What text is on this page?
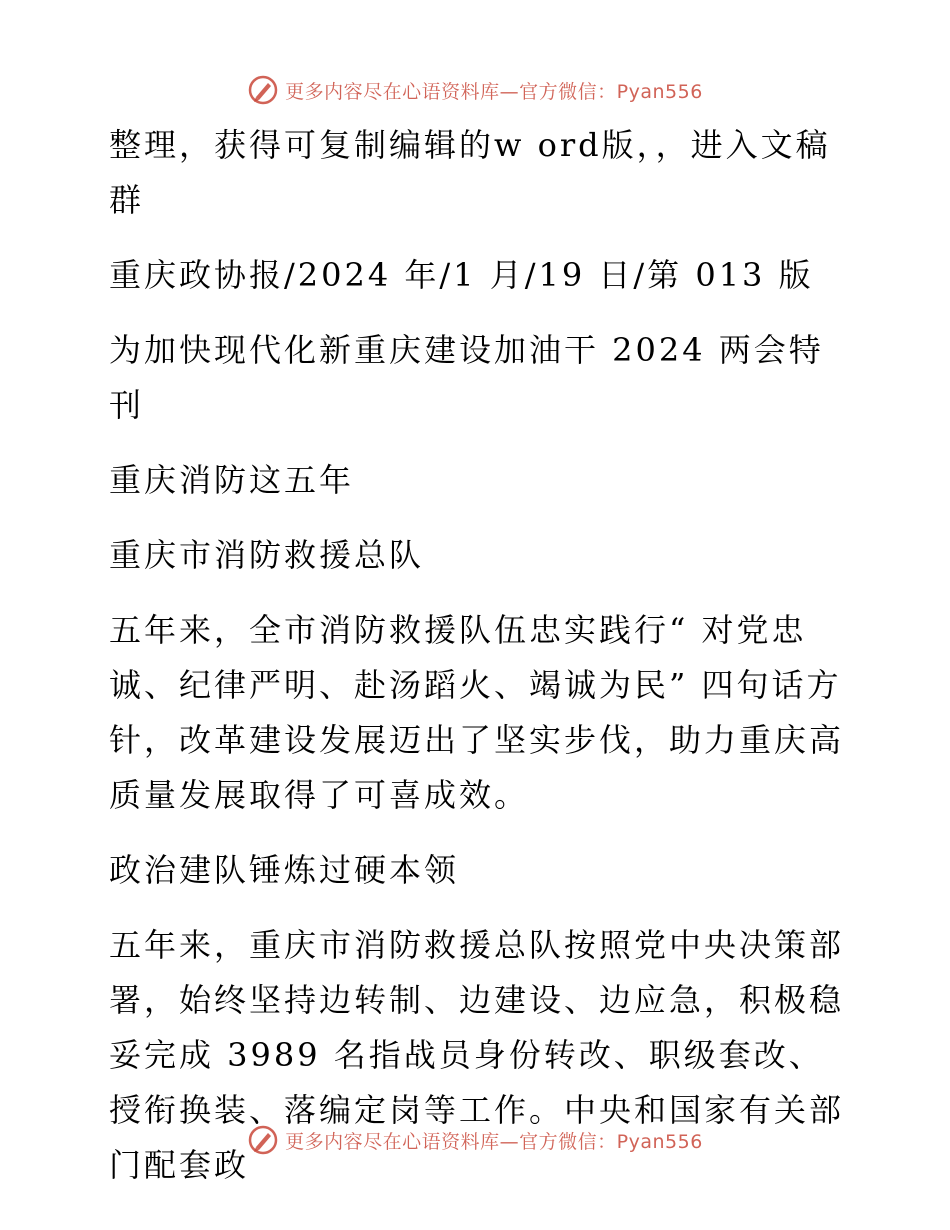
更多内容尽在心语资料库—官方微信：Pyan556

整理，获得可复制编辑的w ord版，，进入文稿群

重庆政协报/2024 年/1 月/19 日/第 013 版

为加快现代化新重庆建设加油干 2024 两会特刊

重庆消防这五年

重庆市消防救援总队

五年来，全市消防救援队伍忠实践行“ 对党忠诚、纪律严明、赴汤蹈火、竭诚为民” 四句话方针，改革建设发展迈出了坚实步伐，助力重庆高质量发展取得了可喜成效。

政治建队锤炼过硬本领

五年来，重庆市消防救援总队按照党中央决策部署，始终坚持边转制、边建设、边应急，积极稳妥完成 3989 名指战员身份转改、职级套改、授衔换装、落编定岗等工作。中央和国家有关部门配套政

更多内容尽在心语资料库—官方微信：Pyan556
